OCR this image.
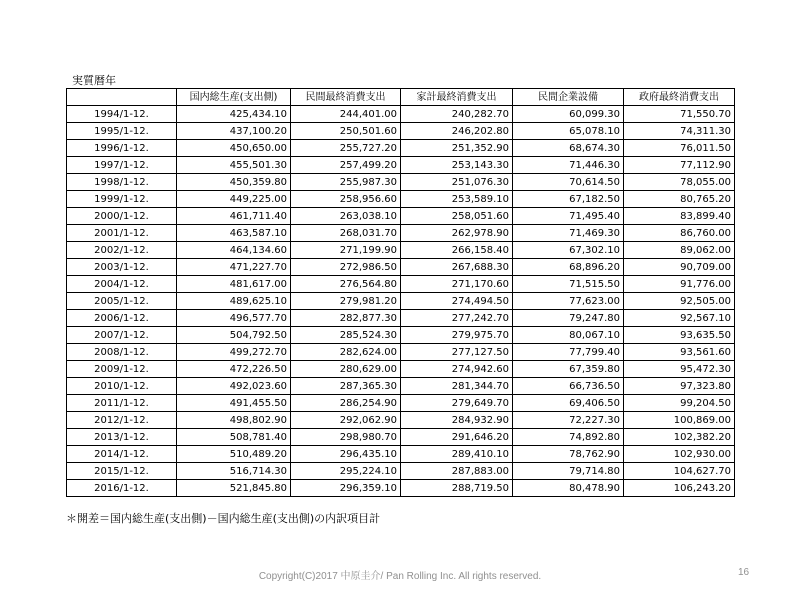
実質暦年
	国内総生産(支出側)	民間最終消費支出	家計最終消費支出	民間企業設備	政府最終消費支出
1994/1-12.	425,434.10	244,401.00	240,282.70	60,099.30	71,550.70
1995/1-12.	437,100.20	250,501.60	246,202.80	65,078.10	74,311.30
1996/1-12.	450,650.00	255,727.20	251,352.90	68,674.30	76,011.50
1997/1-12.	455,501.30	257,499.20	253,143.30	71,446.30	77,112.90
1998/1-12.	450,359.80	255,987.30	251,076.30	70,614.50	78,055.00
1999/1-12.	449,225.00	258,956.60	253,589.10	67,182.50	80,765.20
2000/1-12.	461,711.40	263,038.10	258,051.60	71,495.40	83,899.40
2001/1-12.	463,587.10	268,031.70	262,978.90	71,469.30	86,760.00
2002/1-12.	464,134.60	271,199.90	266,158.40	67,302.10	89,062.00
2003/1-12.	471,227.70	272,986.50	267,688.30	68,896.20	90,709.00
2004/1-12.	481,617.00	276,564.80	271,170.60	71,515.50	91,776.00
2005/1-12.	489,625.10	279,981.20	274,494.50	77,623.00	92,505.00
2006/1-12.	496,577.70	282,877.30	277,242.70	79,247.80	92,567.10
2007/1-12.	504,792.50	285,524.30	279,975.70	80,067.10	93,635.50
2008/1-12.	499,272.70	282,624.00	277,127.50	77,799.40	93,561.60
2009/1-12.	472,226.50	280,629.00	274,942.60	67,359.80	95,472.30
2010/1-12.	492,023.60	287,365.30	281,344.70	66,736.50	97,323.80
2011/1-12.	491,455.50	286,254.90	279,649.70	69,406.50	99,204.50
2012/1-12.	498,802.90	292,062.90	284,932.90	72,227.30	100,869.00
2013/1-12.	508,781.40	298,980.70	291,646.20	74,892.80	102,382.20
2014/1-12.	510,489.20	296,435.10	289,410.10	78,762.90	102,930.00
2015/1-12.	516,714.30	295,224.10	287,883.00	79,714.80	104,627.70
2016/1-12.	521,845.80	296,359.10	288,719.50	80,478.90	106,243.20
＊開差＝国内総生産(支出側)－国内総生産(支出側)の内訳項目計
Copyright(C)2017 中原圭介/ Pan Rolling Inc. All rights reserved.	16
